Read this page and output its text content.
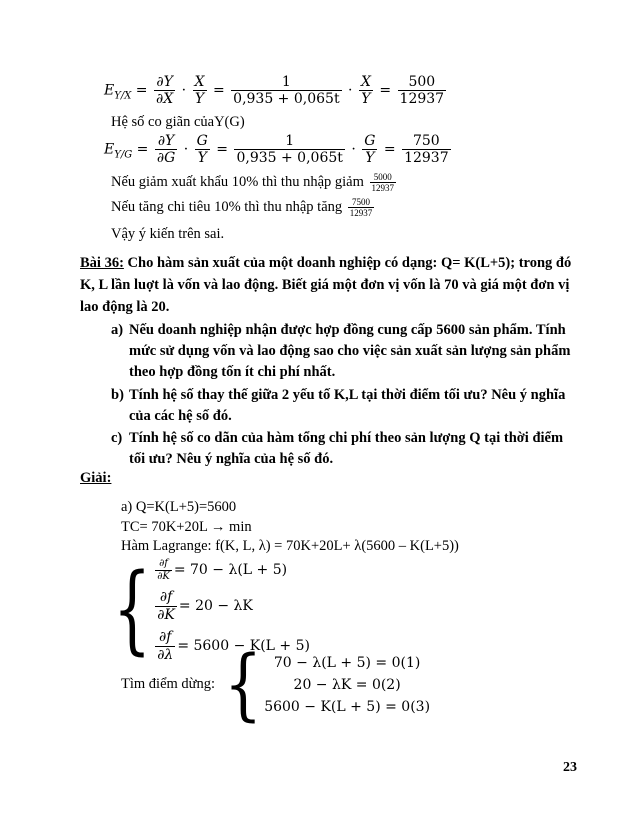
$E_{Y/X} = \frac{\partial Y}{\partial X} \cdot \frac{X}{Y} = \frac{1}{0,935 + 0,065t} \cdot \frac{X}{Y} = \frac{500}{12937}$
Hệ số co giãn củaY(G)
$E_{Y/G} = \frac{\partial Y}{\partial G} \cdot \frac{G}{Y} = \frac{1}{0,935 + 0,065t} \cdot \frac{G}{Y} = \frac{750}{12937}$
Nếu giảm xuất khẩu 10% thì thu nhập giảm $\frac{5000}{12937}$
Nếu tăng chi tiêu 10% thì thu nhập tăng $\frac{7500}{12937}$
Vậy ý kiến trên sai.
Bài 36: Cho hàm sản xuất của một doanh nghiệp có dạng: Q= K(L+5); trong đó K, L lần luợt là vốn và lao động. Biết giá một đơn vị vốn là 70 và giá một đơn vị lao động là 20.
a) Nếu doanh nghiệp nhận được hợp đồng cung cấp 5600 sản phẩm. Tính mức sử dụng vốn và lao động sao cho việc sản xuất sản lượng sản phẩm theo hợp đồng tốn ít chi phí nhất.
b) Tính hệ số thay thế giữa 2 yếu tố K,L tại thời điểm tối ưu? Nêu ý nghĩa của các hệ số đó.
c) Tính hệ số co dãn của hàm tổng chi phí theo sản lượng Q tại thời điểm tối ưu? Nêu ý nghĩa của hệ số đó.
Giải:
a) Q=K(L+5)=5600
TC= 70K+20L → min
Hàm Lagrange: f(K, L, λ) = 70K+20L+ λ(5600 – K(L+5))
{ $\frac{\partial f}{\partial K} = 70 - \lambda(L + 5)$
$\frac{\partial f}{\partial K} = 20 - \lambda K$
$\frac{\partial f}{\partial\lambda} = 5600 - K(L + 5)$
Tìm điểm dừng: { 70 − λ(L + 5) = 0(1)
20 − λK = 0(2)
5600 − K(L + 5) = 0(3)
23
